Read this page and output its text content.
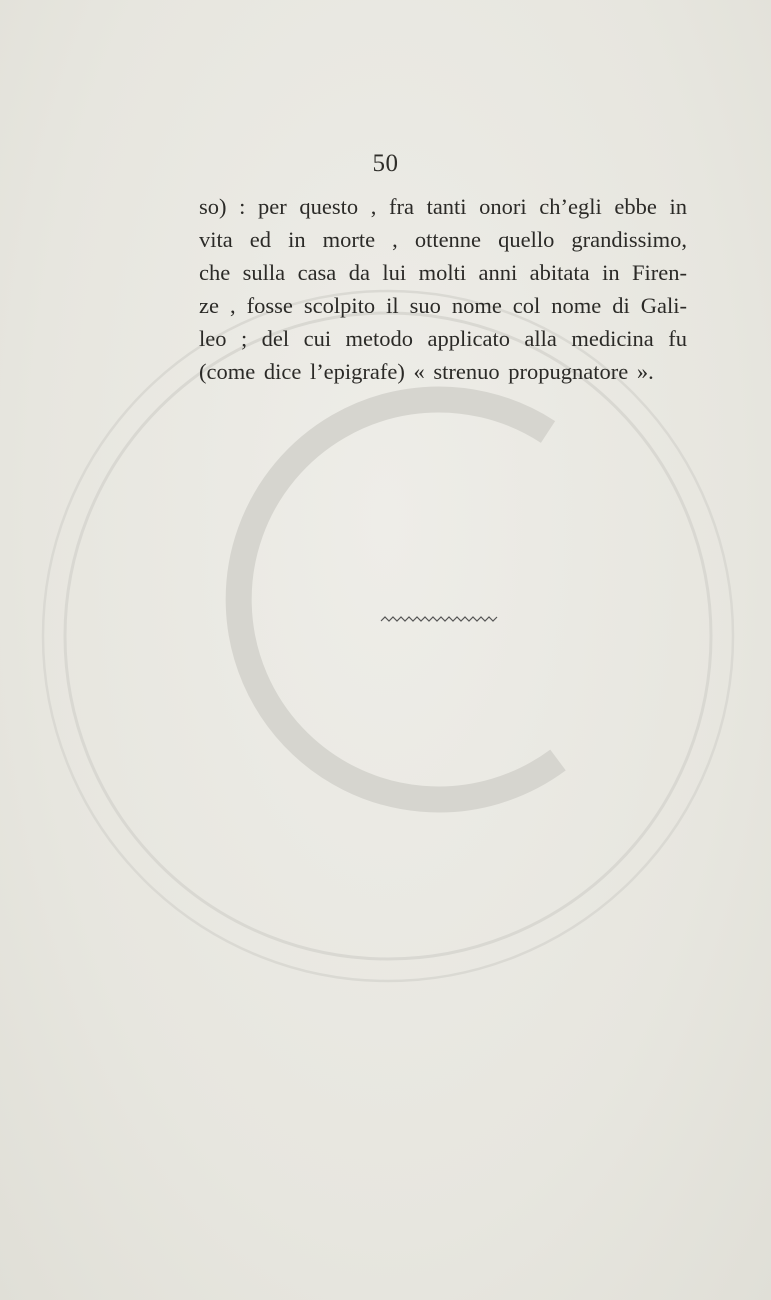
50
so) : per questo , fra tanti onori ch’egli ebbe in
vita ed in morte , ottenne quello grandissimo,
che sulla casa da lui molti anni abitata in Firen-
ze , fosse scolpito il suo nome col nome di Gali-
leo ; del cui metodo applicato alla medicina fu
(come dice l’epigrafe) « strenuo propugnatore ».
